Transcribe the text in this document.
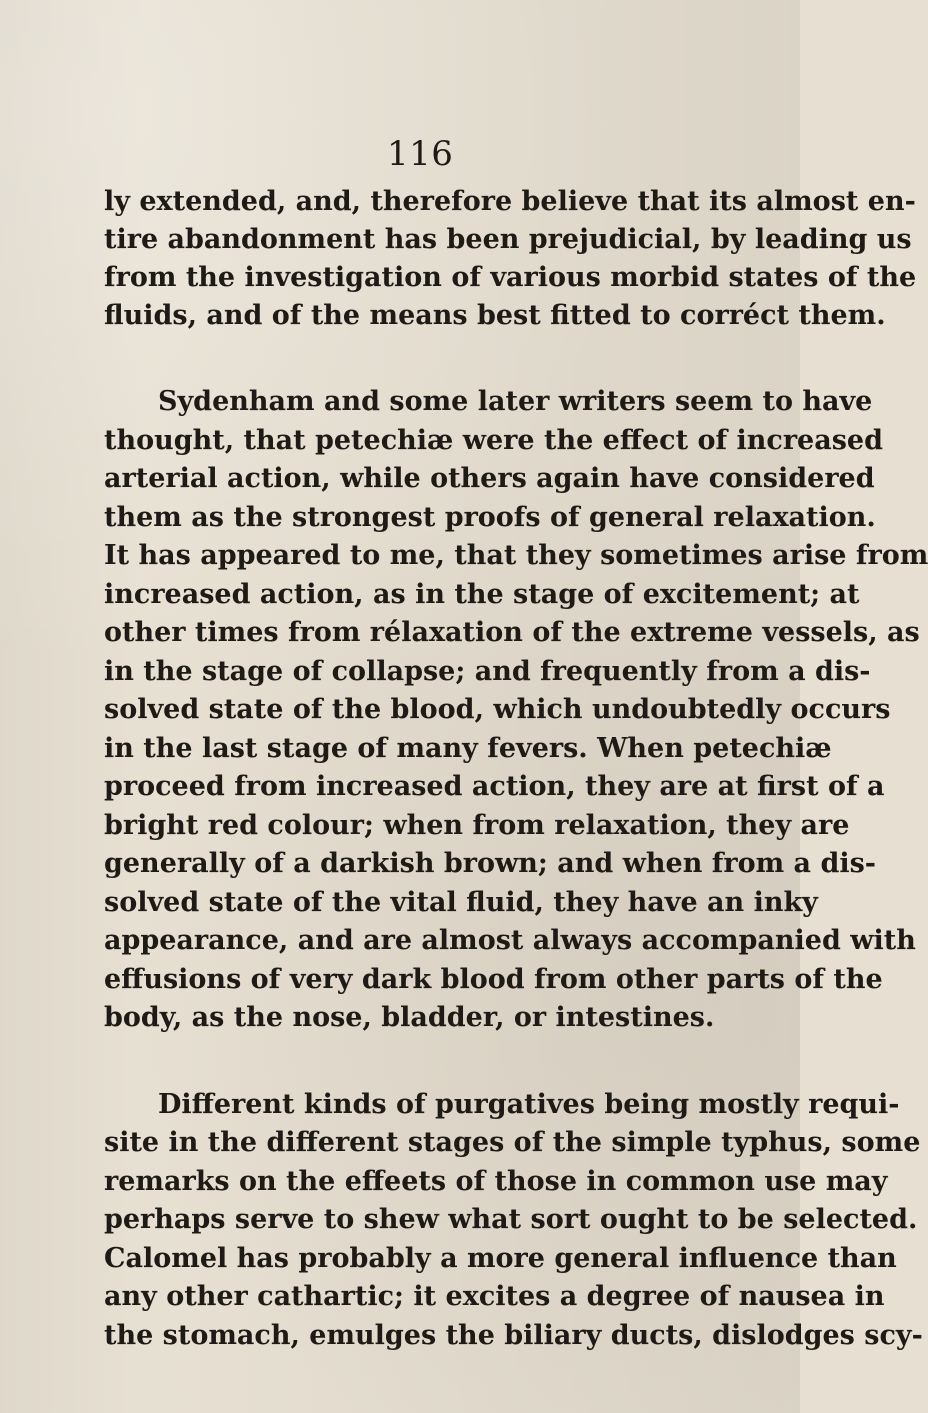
116

ly extended, and, therefore believe that its almost en-

tire abandonment has been prejudicial, by leading us

from the investigation of various morbid states of the

fluids, and of the means best fitted to corréct them.

Sydenham and some later writers seem to have

thought, that petechiæ were the effect of increased

arterial action, while others again have considered

them as the strongest proofs of general relaxation.

It has appeared to me, that they sometimes arise from

increased action, as in the stage of excitement; at

other times from rélaxation of the extreme vessels, as

in the stage of collapse; and frequently from a dis-

solved state of the blood, which undoubtedly occurs

in the last stage of many fevers. When petechiæ

proceed from increased action, they are at first of a

bright red colour; when from relaxation, they are

generally of a darkish brown; and when from a dis-

solved state of the vital fluid, they have an inky

appearance, and are almost always accompanied with

effusions of very dark blood from other parts of the

body, as the nose, bladder, or intestines.

Different kinds of purgatives being mostly requi-

site in the different stages of the simple typhus, some

remarks on the effeets of those in common use may

perhaps serve to shew what sort ought to be selected.

Calomel has probably a more general influence than

any other cathartic; it excites a degree of nausea in

the stomach, emulges the biliary ducts, dislodges scy-
